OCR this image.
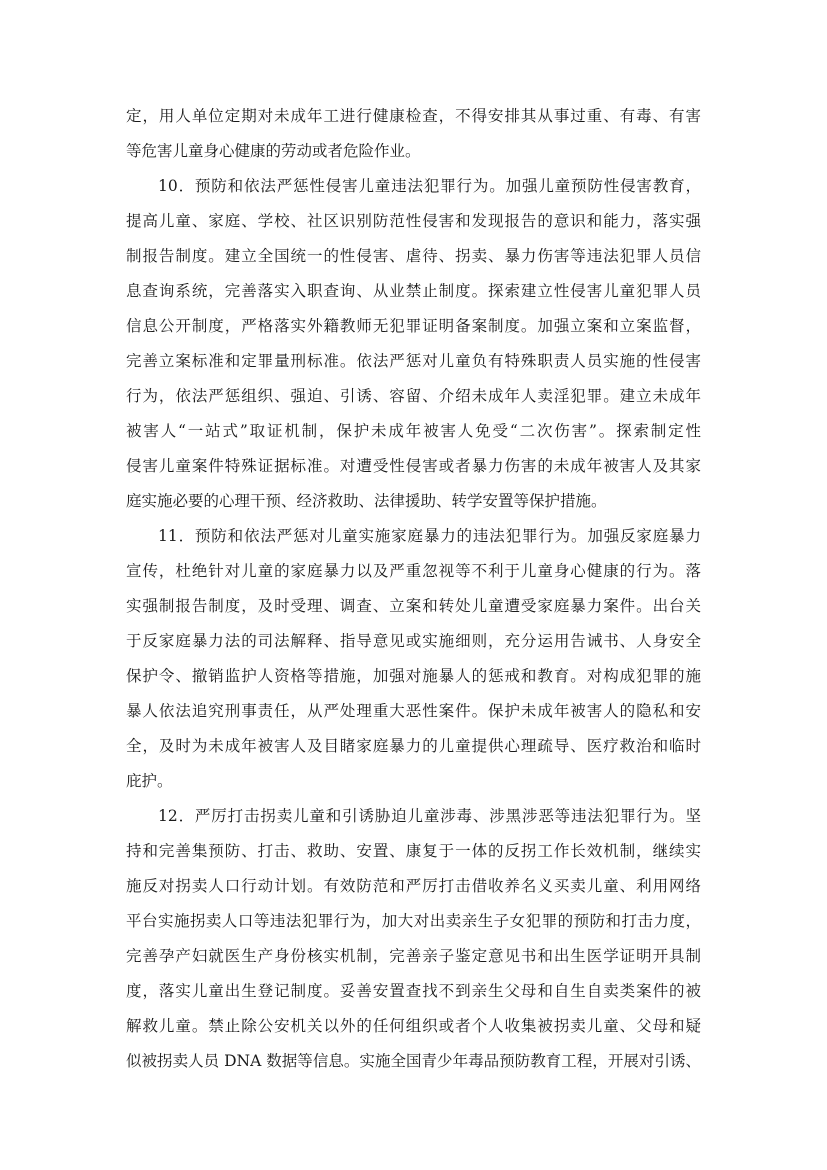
定，用人单位定期对未成年工进行健康检查，不得安排其从事过重、有毒、有害
等危害儿童身心健康的劳动或者危险作业。
10．预防和依法严惩性侵害儿童违法犯罪行为。加强儿童预防性侵害教育，
提高儿童、家庭、学校、社区识别防范性侵害和发现报告的意识和能力，落实强
制报告制度。建立全国统一的性侵害、虐待、拐卖、暴力伤害等违法犯罪人员信
息查询系统，完善落实入职查询、从业禁止制度。探索建立性侵害儿童犯罪人员
信息公开制度，严格落实外籍教师无犯罪证明备案制度。加强立案和立案监督，
完善立案标准和定罪量刑标准。依法严惩对儿童负有特殊职责人员实施的性侵害
行为，依法严惩组织、强迫、引诱、容留、介绍未成年人卖淫犯罪。建立未成年
被害人“一站式”取证机制，保护未成年被害人免受“二次伤害”。探索制定性
侵害儿童案件特殊证据标准。对遭受性侵害或者暴力伤害的未成年被害人及其家
庭实施必要的心理干预、经济救助、法律援助、转学安置等保护措施。
11．预防和依法严惩对儿童实施家庭暴力的违法犯罪行为。加强反家庭暴力
宣传，杜绝针对儿童的家庭暴力以及严重忽视等不利于儿童身心健康的行为。落
实强制报告制度，及时受理、调查、立案和转处儿童遭受家庭暴力案件。出台关
于反家庭暴力法的司法解释、指导意见或实施细则，充分运用告诫书、人身安全
保护令、撤销监护人资格等措施，加强对施暴人的惩戒和教育。对构成犯罪的施
暴人依法追究刑事责任，从严处理重大恶性案件。保护未成年被害人的隐私和安
全，及时为未成年被害人及目睹家庭暴力的儿童提供心理疏导、医疗救治和临时
庇护。
12．严厉打击拐卖儿童和引诱胁迫儿童涉毒、涉黑涉恶等违法犯罪行为。坚
持和完善集预防、打击、救助、安置、康复于一体的反拐工作长效机制，继续实
施反对拐卖人口行动计划。有效防范和严厉打击借收养名义买卖儿童、利用网络
平台实施拐卖人口等违法犯罪行为，加大对出卖亲生子女犯罪的预防和打击力度，
完善孕产妇就医生产身份核实机制，完善亲子鉴定意见书和出生医学证明开具制
度，落实儿童出生登记制度。妥善安置查找不到亲生父母和自生自卖类案件的被
解救儿童。禁止除公安机关以外的任何组织或者个人收集被拐卖儿童、父母和疑
似被拐卖人员 DNA 数据等信息。实施全国青少年毒品预防教育工程，开展对引诱、
